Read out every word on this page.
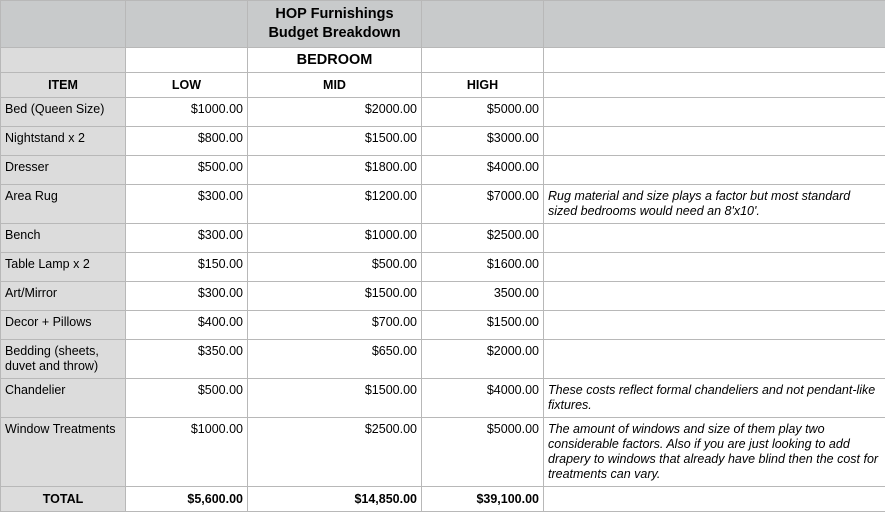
		HOP Furnishings
Budget Breakdown		
		BEDROOM		
ITEM	LOW	MID	HIGH	
Bed (Queen Size)	$1000.00	$2000.00	$5000.00	
Nightstand x 2	$800.00	$1500.00	$3000.00	
Dresser	$500.00	$1800.00	$4000.00	
Area Rug	$300.00	$1200.00	$7000.00	Rug material and size plays a factor but most standard sized bedrooms would need an 8'x10'.
Bench	$300.00	$1000.00	$2500.00	
Table Lamp x 2	$150.00	$500.00	$1600.00	
Art/Mirror	$300.00	$1500.00	3500.00	
Decor + Pillows	$400.00	$700.00	$1500.00	
Bedding (sheets, duvet and throw)	$350.00	$650.00	$2000.00	
Chandelier	$500.00	$1500.00	$4000.00	These costs reflect formal chandeliers and not pendant-like fixtures.
Window Treatments	$1000.00	$2500.00	$5000.00	The amount of windows and size of them play two considerable factors. Also if you are just looking to add drapery to windows that already have blind then the cost for treatments can vary.
TOTAL	$5,600.00	$14,850.00	$39,100.00	
